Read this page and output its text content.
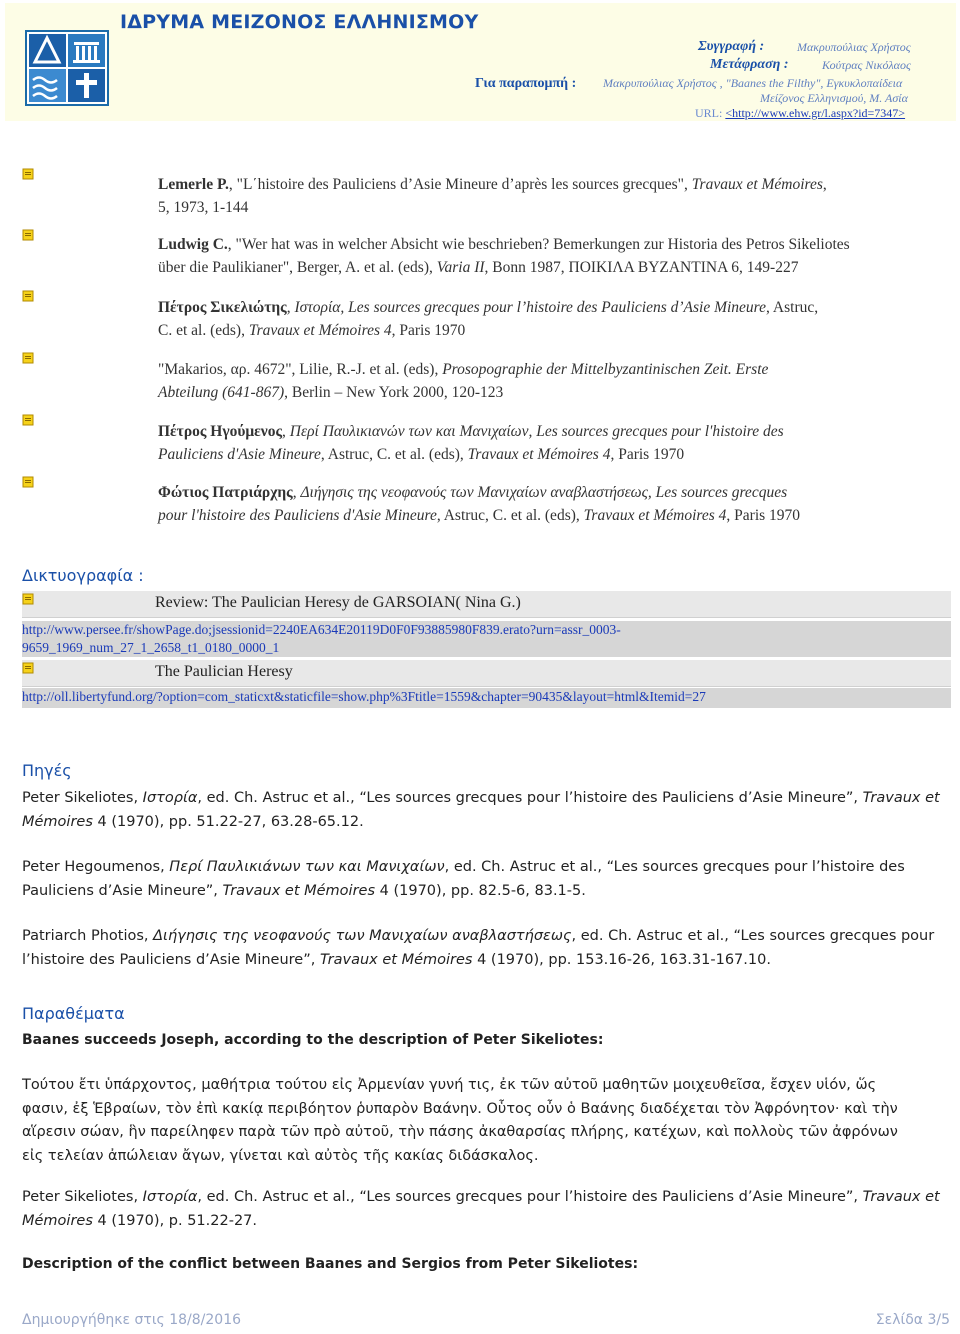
ΙΔΡΥΜΑ ΜΕΙΖΟΝΟΣ ΕΛΛΗΝΙΣΜΟΥ
Συγγραφή :	Μακρυπούλιας Χρήστος
Μετάφραση :	Κούτρας Νικόλαος
Για παραπομπή : Μακρυπούλιας Χρήστος , "Baanes the Filthy", Εγκυκλοπαίδεια
Μείζονος Ελληνισμού, Μ. Ασία
URL: <http://www.ehw.gr/l.aspx?id=7347>
Lemerle P., "L΄histoire des Pauliciens d’Asie Mineure d’après les sources grecques", Travaux et Mémoires,
5, 1973, 1-144
Ludwig C., "Wer hat was in welcher Absicht wie beschrieben? Bemerkungen zur Historia des Petros Sikeliotes
über die Paulikianer", Berger, A. et al. (eds), Varia II, Bonn 1987, ΠΟΙΚΙΛΑ ΒΥΖΑΝΤΙΝΑ 6, 149-227
Πέτρος Σικελιώτης, Ιστορία, Les sources grecques pour l’histoire des Pauliciens d’Asie Mineure, Astruc,
C. et al. (eds), Travaux et Mémoires 4, Paris 1970
"Makarios, αρ. 4672", Lilie, R.-J. et al. (eds), Prosopographie der Mittelbyzantinischen Zeit. Erste
Abteilung (641-867), Berlin – New York 2000, 120-123
Πέτρος Ηγούμενος, Περί Παυλικιανών των και Μανιχαίων, Les sources grecques pour l'histoire des
Pauliciens d'Asie Mineure, Astruc, C. et al. (eds), Travaux et Mémoires 4, Paris 1970
Φώτιος Πατριάρχης, Διήγησις της νεοφανούς των Μανιχαίων αναβλαστήσεως, Les sources grecques
pour l'histoire des Pauliciens d'Asie Mineure, Astruc, C. et al. (eds), Travaux et Mémoires 4, Paris 1970
Δικτυογραφία :
Review: The Paulician Heresy de GARSOIAN( Nina G.)
http://www.persee.fr/showPage.do;jsessionid=2240EA634E20119D0F0F93885980F839.erato?urn=assr_0003-
9659_1969_num_27_1_2658_t1_0180_0000_1
The Paulician Heresy
http://oll.libertyfund.org/?option=com_staticxt&staticfile=show.php%3Ftitle=1559&chapter=90435&layout=html&Itemid=27
Πηγές
Peter Sikeliotes, Ιστορία, ed. Ch. Astruc et al., “Les sources grecques pour l’histoire des Pauliciens d’Asie Mineure”, Travaux et
Mémoires 4 (1970), pp. 51.22-27, 63.28-65.12.
Peter Hegoumenos, Περί Παυλικιάνων των και Μανιχαίων, ed. Ch. Astruc et al., “Les sources grecques pour l’histoire des
Pauliciens d’Asie Mineure”, Travaux et Mémoires 4 (1970), pp. 82.5-6, 83.1-5.
Patriarch Photios, Διήγησις της νεοφανούς των Μανιχαίων αναβλαστήσεως, ed. Ch. Astruc et al., “Les sources grecques pour
l’histoire des Pauliciens d’Asie Mineure”, Travaux et Mémoires 4 (1970), pp. 153.16-26, 163.31-167.10.
Παραθέματα
Baanes succeeds Joseph, according to the description of Peter Sikeliotes:
Τούτου ἔτι ὑπάρχοντος, μαθήτρια τούτου εἰς Ἀρμενίαν γυνή τις, ἐκ τῶν αὐτοῦ μαθητῶν μοιχευθεῖσα, ἔσχεν υἱόν, ὥς
φασιν, ἐξ Ἑβραίων, τὸν ἐπὶ κακίᾳ περιβόητον ῥυπαρὸν Βαάνην. Οὗτος οὖν ὁ Βαάνης διαδέχεται τὸν Ἀφρόνητον· καὶ τὴν
αἵρεσιν σώαν, ἣν παρείληφεν παρὰ τῶν πρὸ αὐτοῦ, τὴν πάσης ἀκαθαρσίας πλήρης, κατέχων, καὶ πολλοὺς τῶν ἀφρόνων
εἰς τελείαν ἀπώλειαν ἄγων, γίνεται καὶ αὐτὸς τῆς κακίας διδάσκαλος.
Peter Sikeliotes, Ιστορία, ed. Ch. Astruc et al., “Les sources grecques pour l’histoire des Pauliciens d’Asie Mineure”, Travaux et
Mémoires 4 (1970), p. 51.22-27.
Description of the conflict between Baanes and Sergios from Peter Sikeliotes:
Δημιουργήθηκε στις 18/8/2016	Σελίδα 3/5
